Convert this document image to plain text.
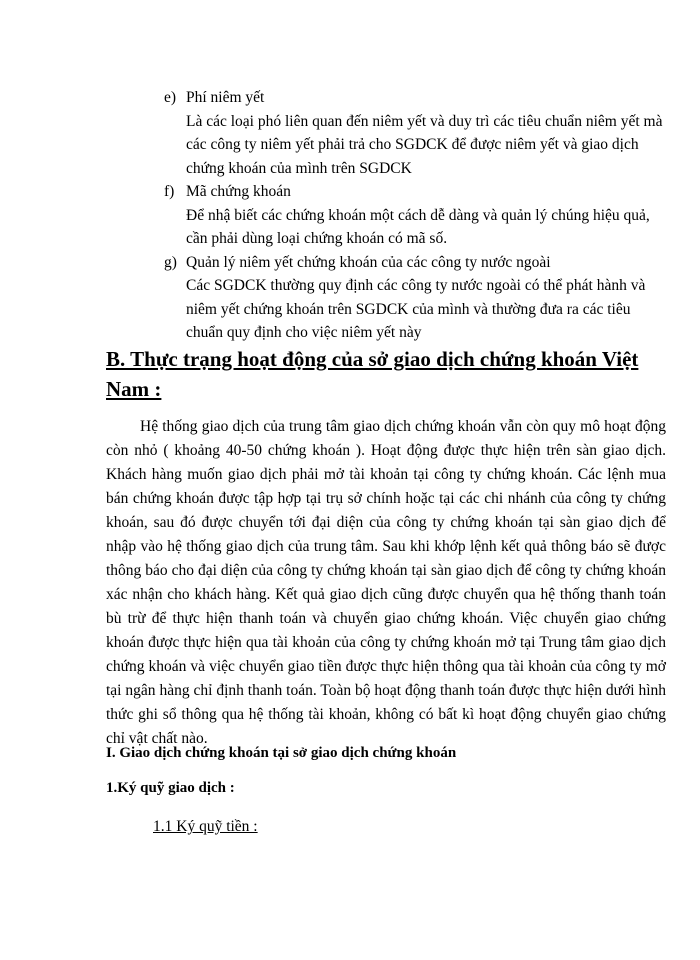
e) Phí niêm yết

Là các loại phó liên quan đến niêm yết và duy trì các tiêu chuẩn niêm yết mà các công ty niêm yết phải trả cho SGDCK để được niêm yết và giao dịch chứng khoán của mình trên SGDCK

f) Mã chứng khoán

Để nhậ biết các chứng khoán một cách dễ dàng và quản lý chúng hiệu quả, cần phải dùng loại chứng khoán có mã số.

g) Quản lý niêm yết chứng khoán của các công ty nước ngoài

Các SGDCK thường quy định các công ty nước ngoài có thể phát hành và niêm yết chứng khoán trên SGDCK của mình và thường đưa ra các tiêu chuẩn quy định cho việc niêm yết này

B. Thực trạng hoạt động của sở giao dịch chứng khoán Việt Nam :

Hệ thống giao dịch của trung tâm giao dịch chứng khoán vẫn còn quy mô hoạt động còn nhỏ ( khoảng 40-50 chứng khoán ). Hoạt động được thực hiện trên sàn giao dịch. Khách hàng muốn giao dịch phải mở tài khoản tại công ty chứng khoán. Các lệnh mua bán chứng khoán được tập hợp tại trụ sở chính hoặc tại các chi nhánh của công ty chứng khoán, sau đó được chuyển tới đại diện của công ty chứng khoán tại sàn giao dịch để nhập vào hệ thống giao dịch của trung tâm. Sau khi khớp lệnh kết quả thông báo sẽ được thông báo cho đại diện của công ty chứng khoán tại sàn giao dịch để công ty chứng khoán xác nhận cho khách hàng. Kết quả giao dịch cũng được chuyển qua hệ thống thanh toán bù trừ để thực hiện thanh toán và chuyển giao chứng khoán. Việc chuyển giao chứng khoán được thực hiện qua tài khoản của công ty chứng khoán mở tại Trung tâm giao dịch chứng khoán và việc chuyển giao tiền được thực hiện thông qua tài khoản của công ty mở tại ngân hàng chỉ định thanh toán. Toàn bộ hoạt động thanh toán được thực hiện dưới hình thức ghi sổ thông qua hệ thống tài khoản, không có bất kì hoạt động chuyển giao chứng chỉ vật chất nào.

I. Giao dịch chứng khoán tại sở giao dịch chứng khoán

1.Ký quỹ giao dịch :

1.1 Ký quỹ tiền :
